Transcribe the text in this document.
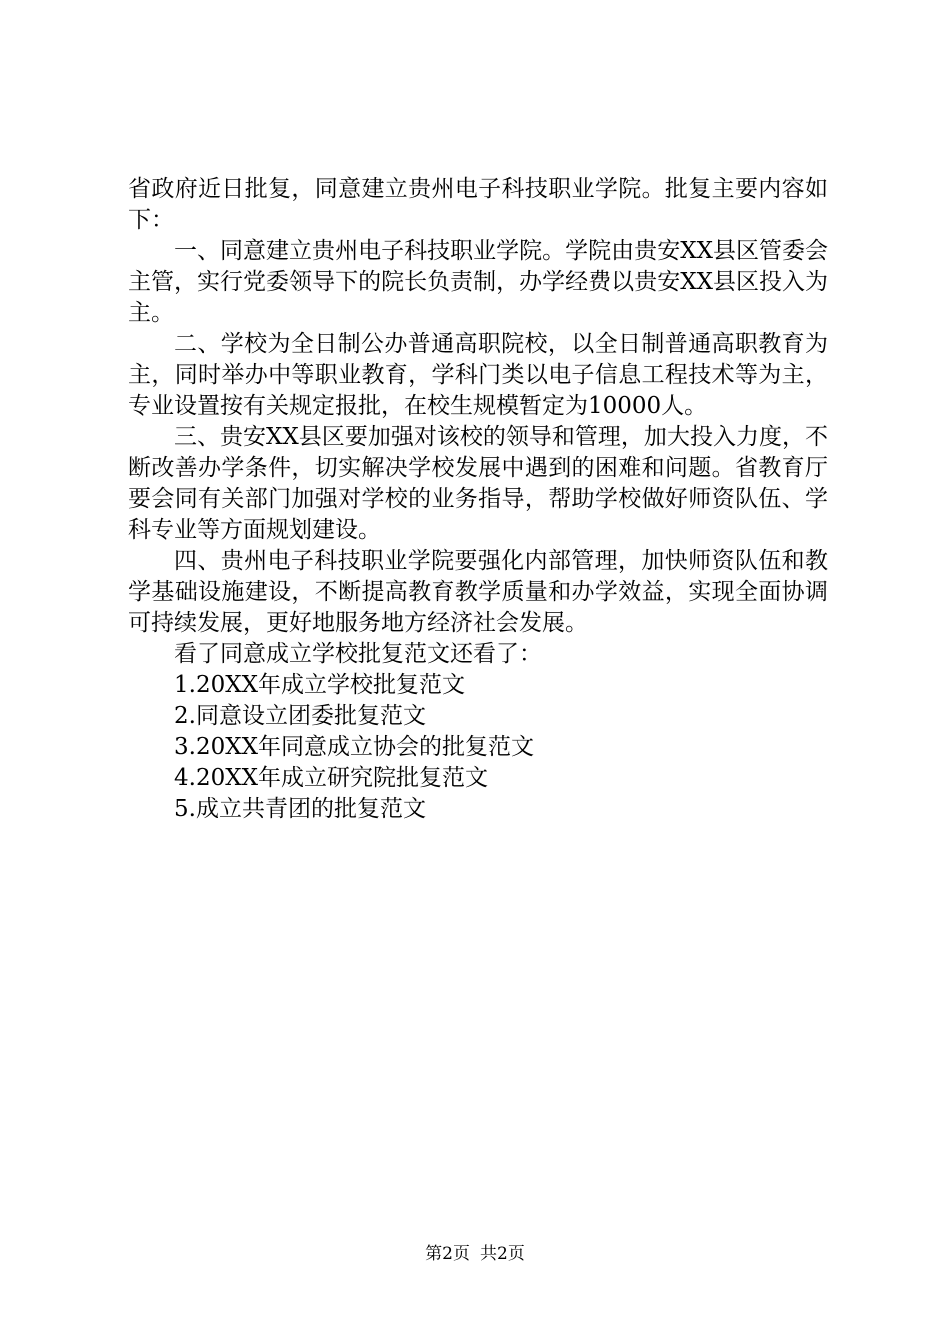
省政府近日批复，同意建立贵州电子科技职业学院。批复主要内容如下：

一、同意建立贵州电子科技职业学院。学院由贵安XX县区管委会主管，实行党委领导下的院长负责制，办学经费以贵安XX县区投入为主。

二、学校为全日制公办普通高职院校，以全日制普通高职教育为主，同时举办中等职业教育，学科门类以电子信息工程技术等为主，专业设置按有关规定报批，在校生规模暂定为10000人。

三、贵安XX县区要加强对该校的领导和管理，加大投入力度，不断改善办学条件，切实解决学校发展中遇到的困难和问题。省教育厅要会同有关部门加强对学校的业务指导，帮助学校做好师资队伍、学科专业等方面规划建设。

四、贵州电子科技职业学院要强化内部管理，加快师资队伍和教学基础设施建设，不断提高教育教学质量和办学效益，实现全面协调可持续发展，更好地服务地方经济社会发展。

看了同意成立学校批复范文还看了：

1.20XX年成立学校批复范文
2.同意设立团委批复范文
3.20XX年同意成立协会的批复范文
4.20XX年成立研究院批复范文
5.成立共青团的批复范文
第2页 共2页
